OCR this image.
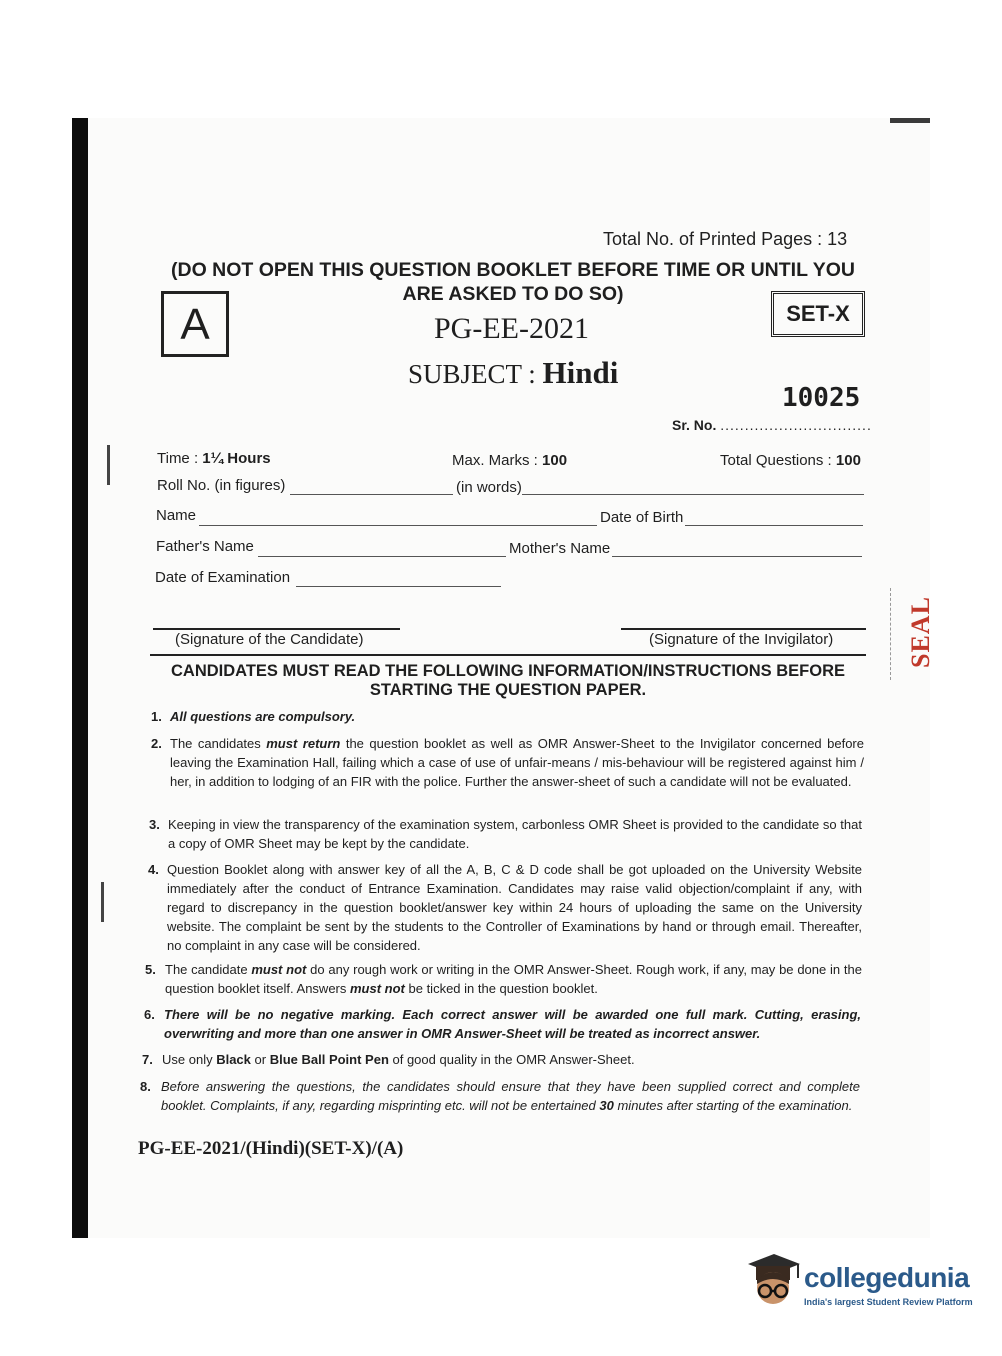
Total No. of Printed Pages : 13
(DO NOT OPEN THIS QUESTION BOOKLET BEFORE TIME OR UNTIL YOU ARE ASKED TO DO SO)
A	SET-X
PG-EE-2021
SUBJECT : Hindi
10025
Sr. No. ...............................
Time : 1¼ Hours	Max. Marks : 100	Total Questions : 100
Roll No. (in figures)	(in words)
Name	Date of Birth
Father's Name	Mother's Name
Date of Examination
(Signature of the Candidate)	(Signature of the Invigilator)
CANDIDATES MUST READ THE FOLLOWING INFORMATION/INSTRUCTIONS BEFORE STARTING THE QUESTION PAPER.
1. All questions are compulsory.
2. The candidates must return the question booklet as well as OMR Answer-Sheet to the Invigilator concerned before leaving the Examination Hall, failing which a case of use of unfair-means / mis-behaviour will be registered against him / her, in addition to lodging of an FIR with the police. Further the answer-sheet of such a candidate will not be evaluated.
3. Keeping in view the transparency of the examination system, carbonless OMR Sheet is provided to the candidate so that a copy of OMR Sheet may be kept by the candidate.
4. Question Booklet along with answer key of all the A, B, C & D code shall be got uploaded on the University Website immediately after the conduct of Entrance Examination. Candidates may raise valid objection/complaint if any, with regard to discrepancy in the question booklet/answer key within 24 hours of uploading the same on the University website. The complaint be sent by the students to the Controller of Examinations by hand or through email. Thereafter, no complaint in any case will be considered.
5. The candidate must not do any rough work or writing in the OMR Answer-Sheet. Rough work, if any, may be done in the question booklet itself. Answers must not be ticked in the question booklet.
6. There will be no negative marking. Each correct answer will be awarded one full mark. Cutting, erasing, overwriting and more than one answer in OMR Answer-Sheet will be treated as incorrect answer.
7. Use only Black or Blue Ball Point Pen of good quality in the OMR Answer-Sheet.
8. Before answering the questions, the candidates should ensure that they have been supplied correct and complete booklet. Complaints, if any, regarding misprinting etc. will not be entertained 30 minutes after starting of the examination.
PG-EE-2021/(Hindi)(SET-X)/(A)
SEAL
collegedunia
India's largest Student Review Platform
